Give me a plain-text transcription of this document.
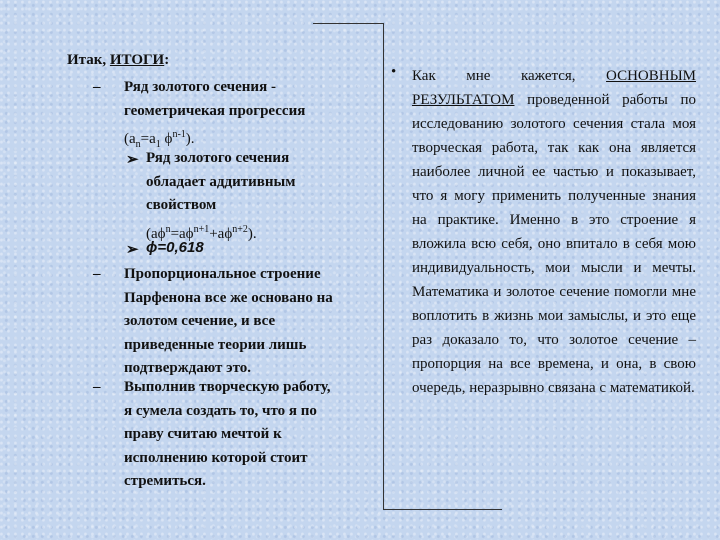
Итак, ИТОГИ:
– Ряд золотого сечения -
геометричекая прогрессия
($a_n=a_1$ $\phi^{n-1}$).
➢ Ряд золотого сечения
обладает аддитивным
свойством
$(a\phi^n=a\phi^{n+1}+a\phi^{n+2})$.
➢ ϕ=0,618
– Пропорциональное строение
Парфенона все же основано на
золотом сечение, и все
приведенные теории лишь
подтверждают это.
– Выполнив творческую работу,
я сумела создать то, что я по
праву считаю мечтой к
исполнению которой стоит
стремиться.
• Как мне кажется, ОСНОВНЫМ РЕЗУЛЬТАТОМ проведенной работы по исследованию золотого сечения стала моя творческая работа, так как она является наиболее личной ее частью и показывает, что я могу применить полученные знания на практике. Именно в это строение я вложила всю себя, оно впитало в себя мою индивидуальность, мои мысли и мечты. Математика и золотое сечение помогли мне воплотить в жизнь мои замыслы, и это еще раз доказало то, что золотое сечение – пропорция на все времена, и она, в свою очередь, неразрывно связана с математикой.
